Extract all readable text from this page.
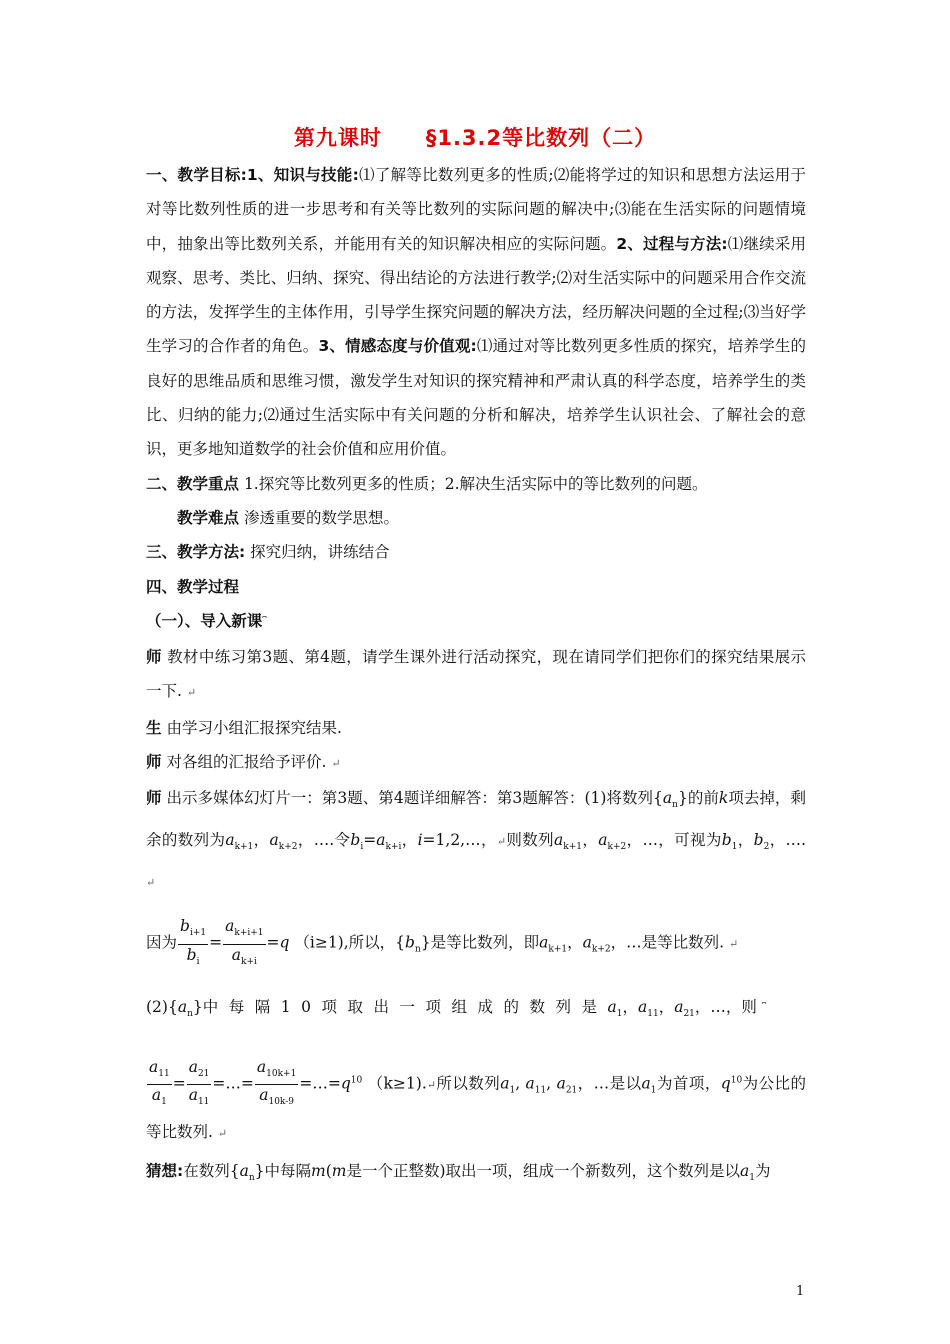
第九课时　　§1.3.2等比数列（二）

一、教学目标:1、知识与技能:⑴了解等比数列更多的性质;⑵能将学过的知识和思想方法运用于对等比数列性质的进一步思考和有关等比数列的实际问题的解决中;⑶能在生活实际的问题情境中，抽象出等比数列关系，并能用有关的知识解决相应的实际问题。2、过程与方法:⑴继续采用观察、思考、类比、归纳、探究、得出结论的方法进行教学;⑵对生活实际中的问题采用合作交流的方法，发挥学生的主体作用，引导学生探究问题的解决方法，经历解决问题的全过程;⑶当好学生学习的合作者的角色。3、情感态度与价值观:⑴通过对等比数列更多性质的探究，培养学生的良好的思维品质和思维习惯，激发学生对知识的探究精神和严肃认真的科学态度，培养学生的类比、归纳的能力;⑵通过生活实际中有关问题的分析和解决，培养学生认识社会、了解社会的意识，更多地知道数学的社会价值和应用价值。

二、教学重点 1.探究等比数列更多的性质；2.解决生活实际中的等比数列的问题。

教学难点 渗透重要的数学思想。

三、教学方法: 探究归纳，讲练结合

四、教学过程

（一）、导入新课⎴

师 教材中练习第3题、第4题，请学生课外进行活动探究，现在请同学们把你们的探究结果展示一下. ↵

生 由学习小组汇报探究结果.

师 对各组的汇报给予评价. ↵

师 出示多媒体幻灯片一：第3题、第4题详细解答：第3题解答：(1)将数列$\{a_n\}$的前k项去掉，剩余的数列为$a_{k+1}$，$a_{k+2}$，….令$b_i=a_{k+i}$，i=1,2,…，↵则数列$a_{k+1}$，$a_{k+2}$，…，可视为$b_1$，$b_2$，…. ↵

因为 $\frac{b_{i+1}}{b_i} = \frac{a_{k+i+1}}{a_{k+i}} =q$ （i≥1),所以，$\{b_n\}$是等比数列，即$a_{k+1}$，$a_{k+2}$，…是等比数列. ↵

$(2)\{a_n\}$中每隔10项取出一项组成的数列是$a_1$，$a_{11}$，$a_{21}$，…，则 ⎴

$\frac{a_{11}}{a_1} = \frac{a_{21}}{a_{11}}$ =…= $\frac{a_{10k+1}}{a_{10k-9}}$ $=\dots=q^{10}$ （k≥1).↵所以数列$a_1$, $a_{11}$, $a_{21}$，…是以$a_1$为首项，$q^{10}$为公比的等比数列. ↵

猜想:在数列$\{a_n\}$中每隔m(m是一个正整数)取出一项，组成一个新数列，这个数列是以$a_1$为

1
